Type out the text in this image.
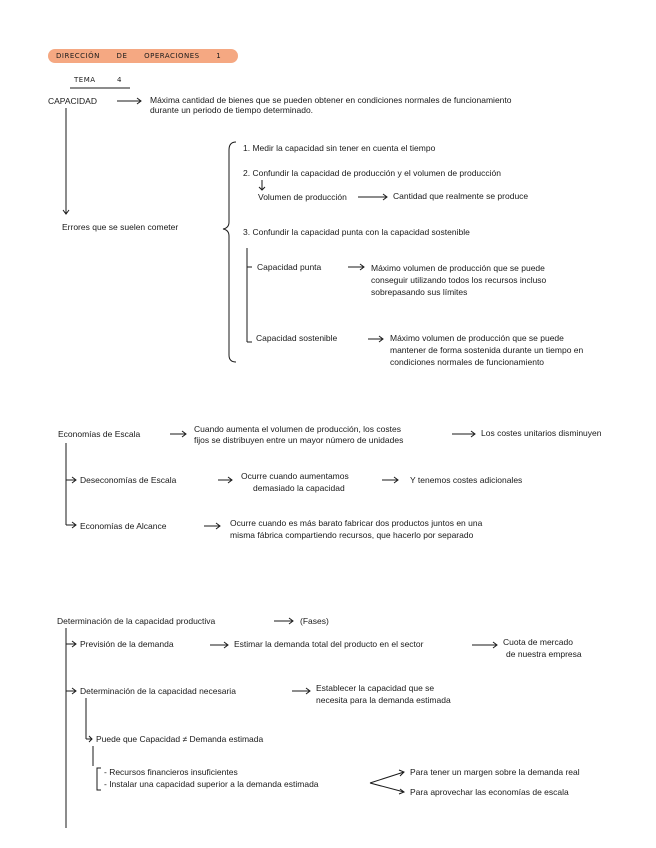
DIRECCIÓN DE OPERACIONES 1
TEMA	4
CAPACIDAD	Máxima cantidad de bienes que se pueden obtener en condiciones normales de funcionamiento
durante un periodo de tiempo determinado.
Errores que se suelen cometer
1. Medir la capacidad sin tener en cuenta el tiempo
2. Confundir la capacidad de producción y el volumen de producción
Volumen de producción	Cantidad que realmente se produce
3. Confundir la capacidad punta con la capacidad sostenible
Capacidad punta	Máximo volumen de producción que se puede
conseguir utilizando todos los recursos incluso
sobrepasando sus límites
Capacidad sostenible	Máximo volumen de producción que se puede
mantener de forma sostenida durante un tiempo en
condiciones normales de funcionamiento
Economías de Escala	Cuando aumenta el volumen de producción, los costes
fijos se distribuyen entre un mayor número de unidades
Los costes unitarios disminuyen
Deseconomías de Escala	Ocurre cuando aumentamos
demasiado la capacidad
Y tenemos costes adicionales
Economías de Alcance	Ocurre cuando es más barato fabricar dos productos juntos en una
misma fábrica compartiendo recursos, que hacerlo por separado
Determinación de la capacidad productiva	(Fases)
Previsión de la demanda	Estimar la demanda total del producto en el sector	Cuota de mercado
de nuestra empresa
Determinación de la capacidad necesaria	Establecer la capacidad que se
necesita para la demanda estimada
Puede que Capacidad ≠ Demanda estimada
- Recursos financieros insuficientes
- Instalar una capacidad superior a la demanda estimada
Para tener un margen sobre la demanda real
Para aprovechar las economías de escala
